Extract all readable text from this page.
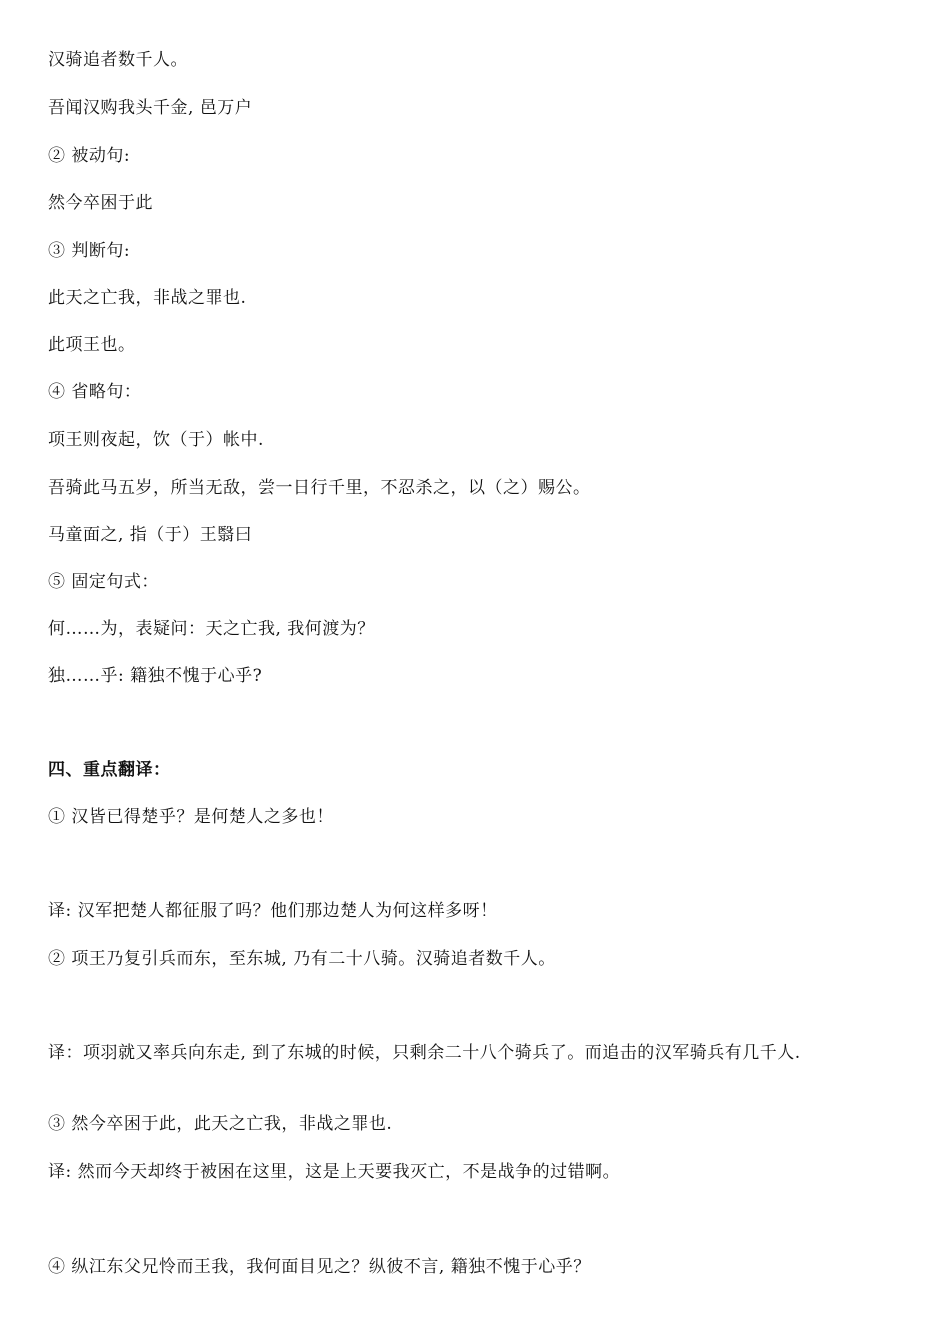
汉骑追者数千人。
吾闻汉购我头千金, 邑万户
② 被动句:
然今卒困于此
③ 判断句:
此天之亡我，非战之罪也.
此项王也。
④ 省略句：
项王则夜起，饮（于）帐中.
吾骑此马五岁，所当无敌，尝一日行千里，不忍杀之，以（之）赐公。
马童面之, 指（于）王翳曰
⑤ 固定句式：
何……为，表疑问：天之亡我, 我何渡为？
独……乎: 籍独不愧于心乎?
四、重点翻译：
① 汉皆已得楚乎？是何楚人之多也！
译: 汉军把楚人都征服了吗？他们那边楚人为何这样多呀！
② 项王乃复引兵而东，至东城, 乃有二十八骑。汉骑追者数千人。
译：项羽就又率兵向东走, 到了东城的时候，只剩余二十八个骑兵了。而追击的汉军骑兵有几千人.
③ 然今卒困于此，此天之亡我，非战之罪也.
译: 然而今天却终于被困在这里，这是上天要我灭亡，不是战争的过错啊。
④ 纵江东父兄怜而王我，我何面目见之？纵彼不言, 籍独不愧于心乎？
